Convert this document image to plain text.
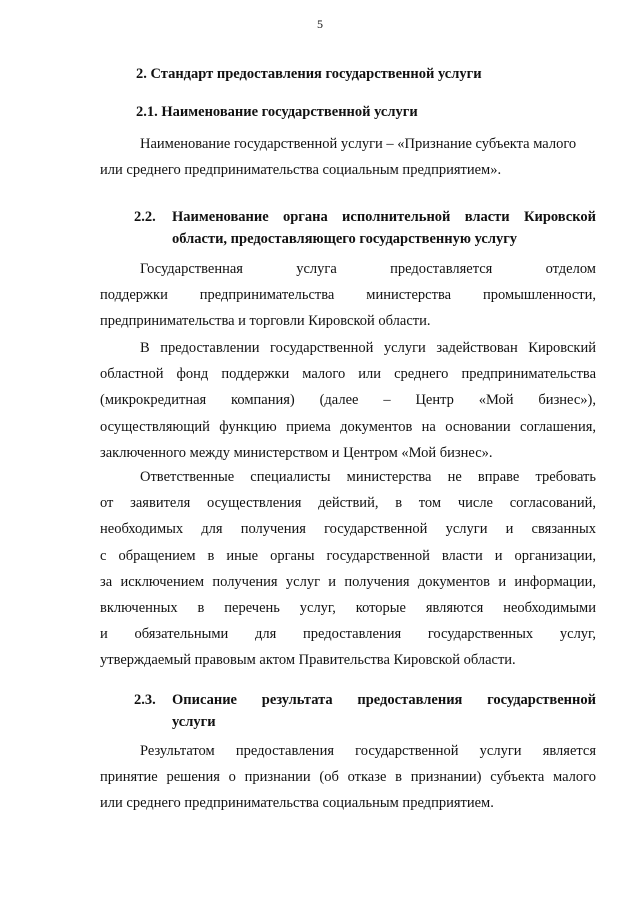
5
2. Стандарт предоставления государственной услуги
2.1. Наименование государственной услуги
Наименование государственной услуги – «Признание субъекта малого
или среднего предпринимательства социальным предприятием».
2.2. Наименование органа исполнительной власти Кировской
области, предоставляющего государственную услугу
Государственная услуга предоставляется отделом
поддержки предпринимательства министерства промышленности,
предпринимательства и торговли Кировской области.
В предоставлении государственной услуги задействован Кировский
областной фонд поддержки малого или среднего предпринимательства
(микрокредитная компания) (далее – Центр «Мой бизнес»),
осуществляющий функцию приема документов на основании соглашения,
заключенного между министерством и Центром «Мой бизнес».
Ответственные специалисты министерства не вправе требовать
от заявителя осуществления действий, в том числе согласований,
необходимых для получения государственной услуги и связанных
с обращением в иные органы государственной власти и организации,
за исключением получения услуг и получения документов и информации,
включенных в перечень услуг, которые являются необходимыми
и обязательными для предоставления государственных услуг,
утверждаемый правовым актом Правительства Кировской области.
2.3. Описание результата предоставления государственной
услуги
Результатом предоставления государственной услуги является
принятие решения о признании (об отказе в признании) субъекта малого
или среднего предпринимательства социальным предприятием.
